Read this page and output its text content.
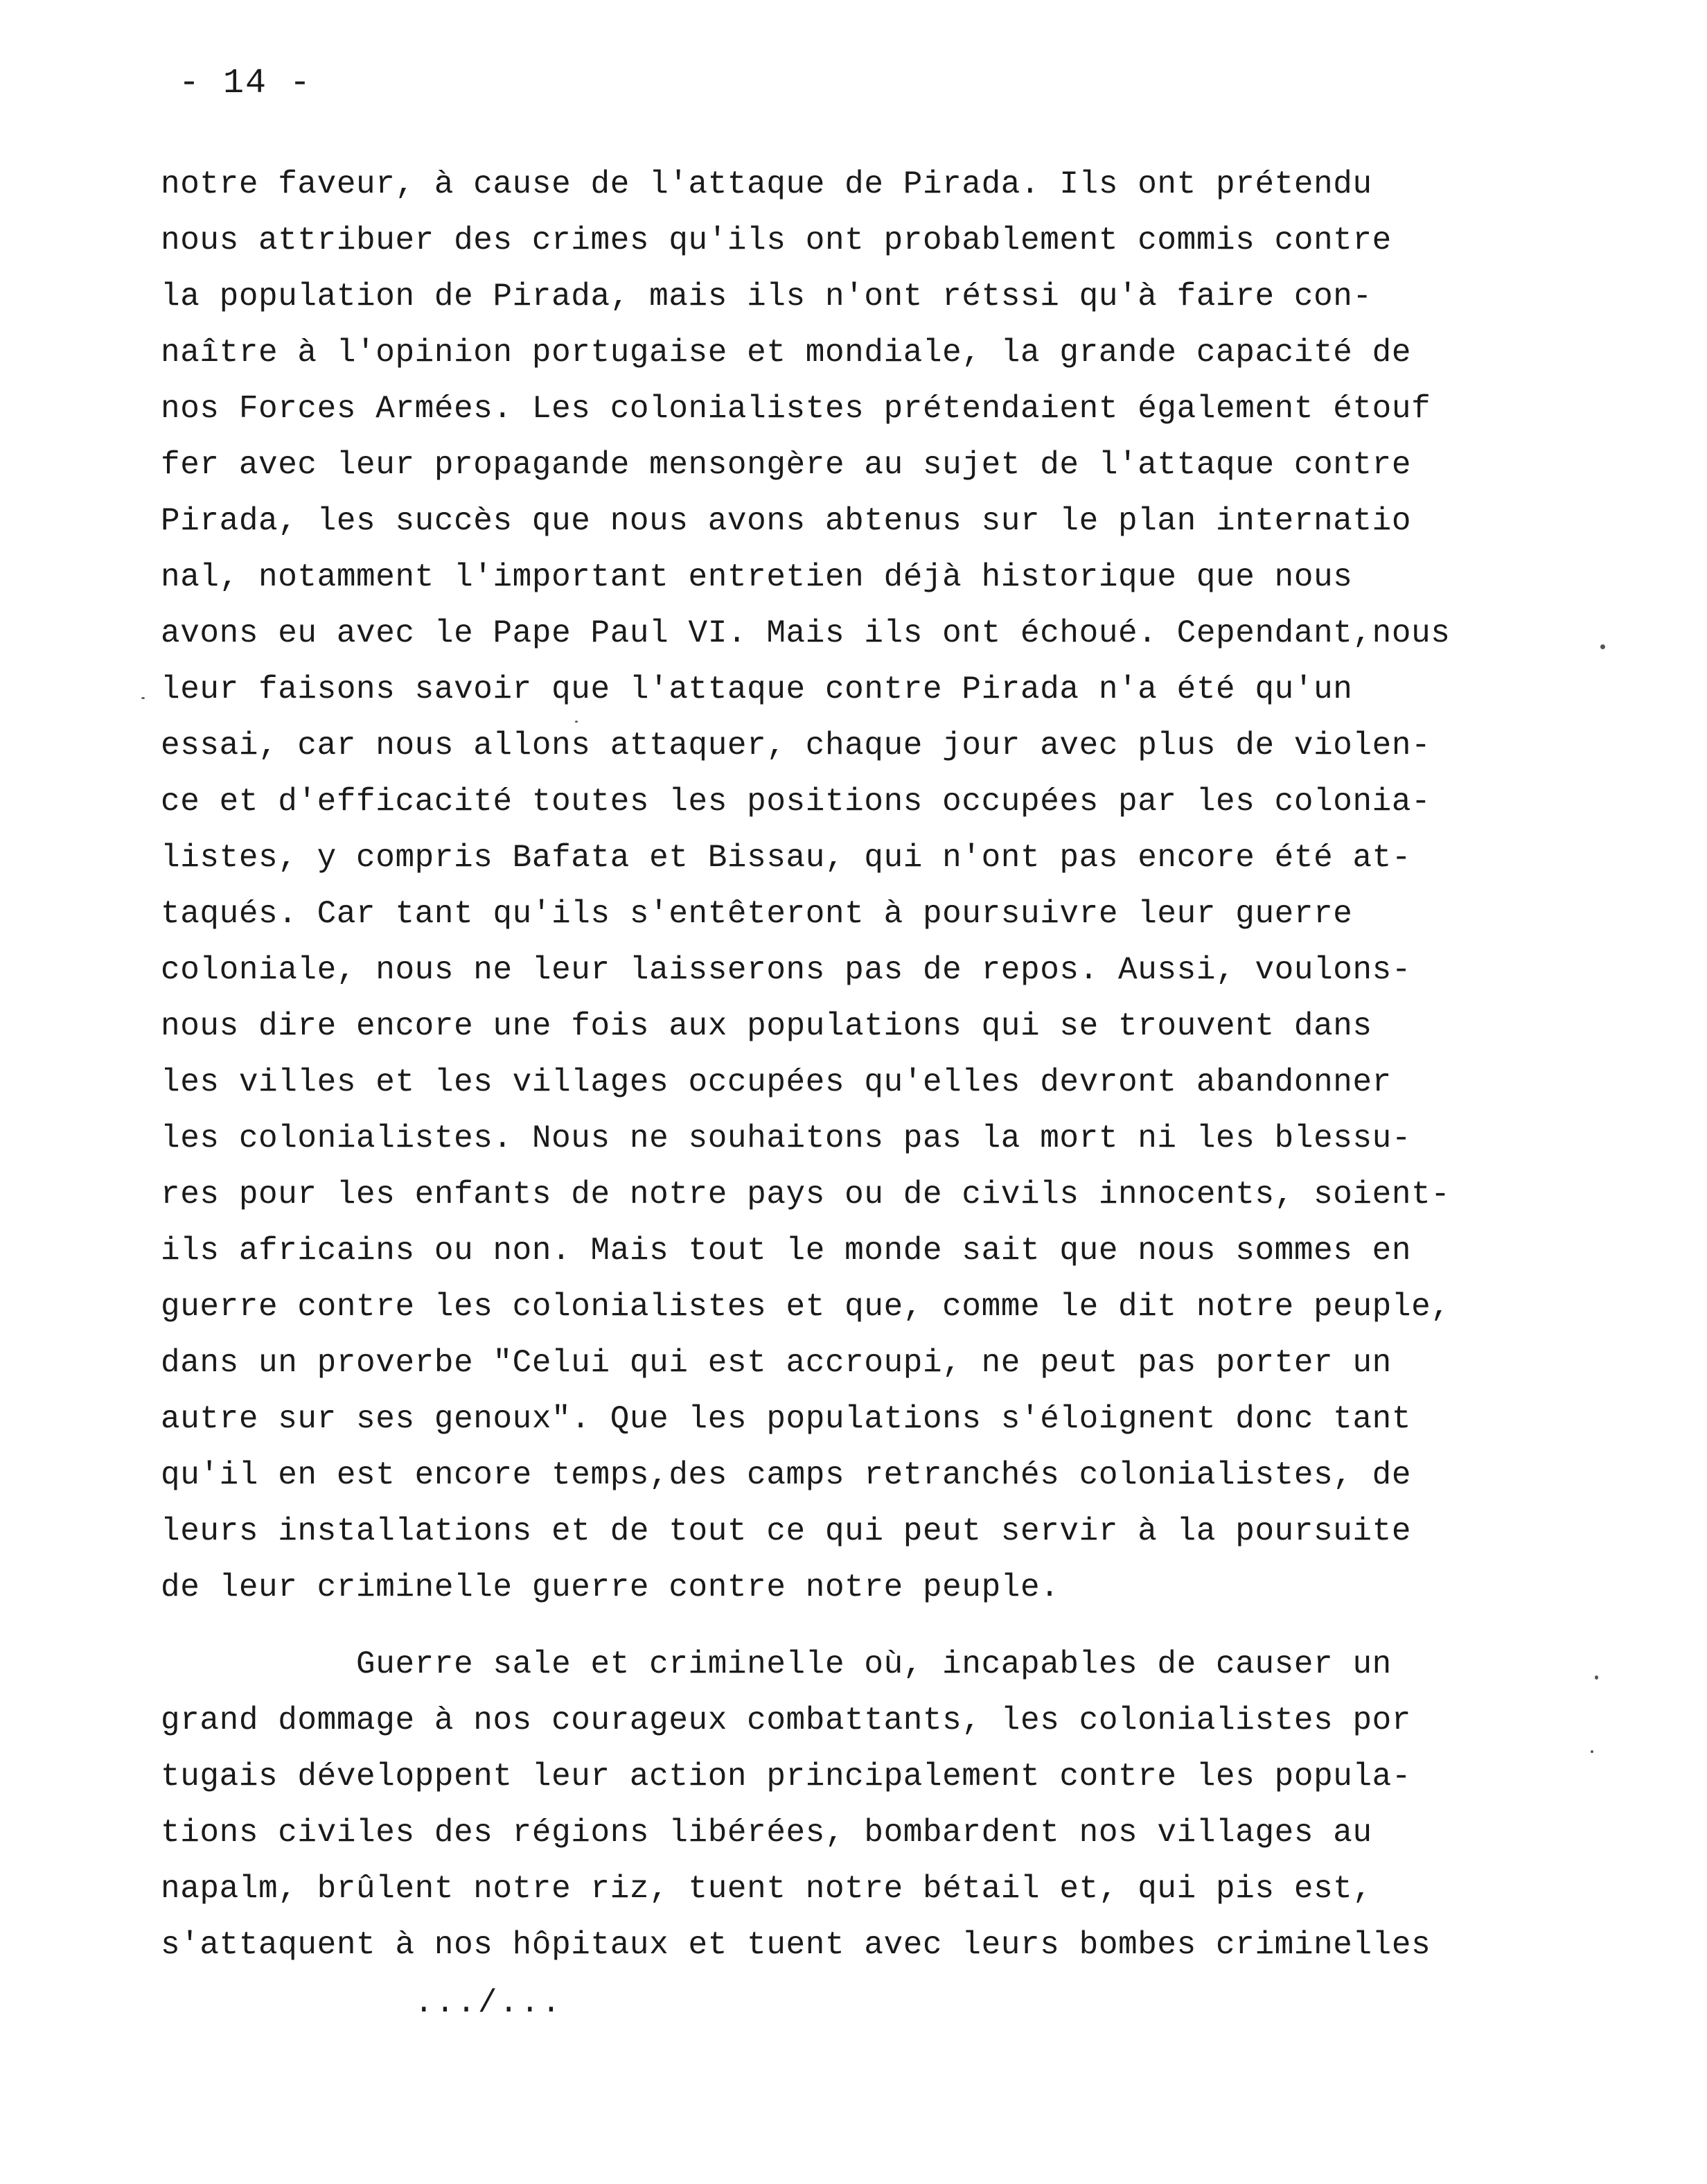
- 14 -
notre faveur, à cause de l'attaque de Pirada. Ils ont prétendu
nous attribuer des crimes qu'ils ont probablement commis contre
la population de Pirada, mais ils n'ont rétssi qu'à faire con-
naître à l'opinion portugaise et mondiale, la grande capacité de
nos Forces Armées. Les colonialistes prétendaient également étouf
fer avec leur propagande mensongère au sujet de l'attaque contre
Pirada, les succès que nous avons abtenus sur le plan internatio
nal, notamment l'important entretien déjà historique que nous
avons eu avec le Pape Paul VI. Mais ils ont échoué. Cependant,nous
leur faisons savoir que l'attaque contre Pirada n'a été qu'un
essai, car nous allons attaquer, chaque jour avec plus de violen-
ce et d'efficacité toutes les positions occupées par les colonia-
listes, y compris Bafata et Bissau, qui n'ont pas encore été at-
taqués. Car tant qu'ils s'entêteront à poursuivre leur guerre
coloniale, nous ne leur laisserons pas de repos. Aussi, voulons-
nous dire encore une fois aux populations qui se trouvent dans
les villes et les villages occupées qu'elles devront abandonner
les colonialistes. Nous ne souhaitons pas la mort ni les blessu-
res pour les enfants de notre pays ou de civils innocents, soient-
ils africains ou non. Mais tout le monde sait que nous sommes en
guerre contre les colonialistes et que, comme le dit notre peuple,
dans un proverbe "Celui qui est accroupi, ne peut pas porter un
autre sur ses genoux". Que les populations s'éloignent donc tant
qu'il en est encore temps,des camps retranchés colonialistes, de
leurs installations et de tout ce qui peut servir à la poursuite
de leur criminelle guerre contre notre peuple.
Guerre sale et criminelle où, incapables de causer un
grand dommage à nos courageux combattants, les colonialistes por
tugais développent leur action principalement contre les popula-
tions civiles des régions libérées, bombardent nos villages au
napalm, brûlent notre riz, tuent notre bétail et, qui pis est,
s'attaquent à nos hôpitaux et tuent avec leurs bombes criminelles
.../...
